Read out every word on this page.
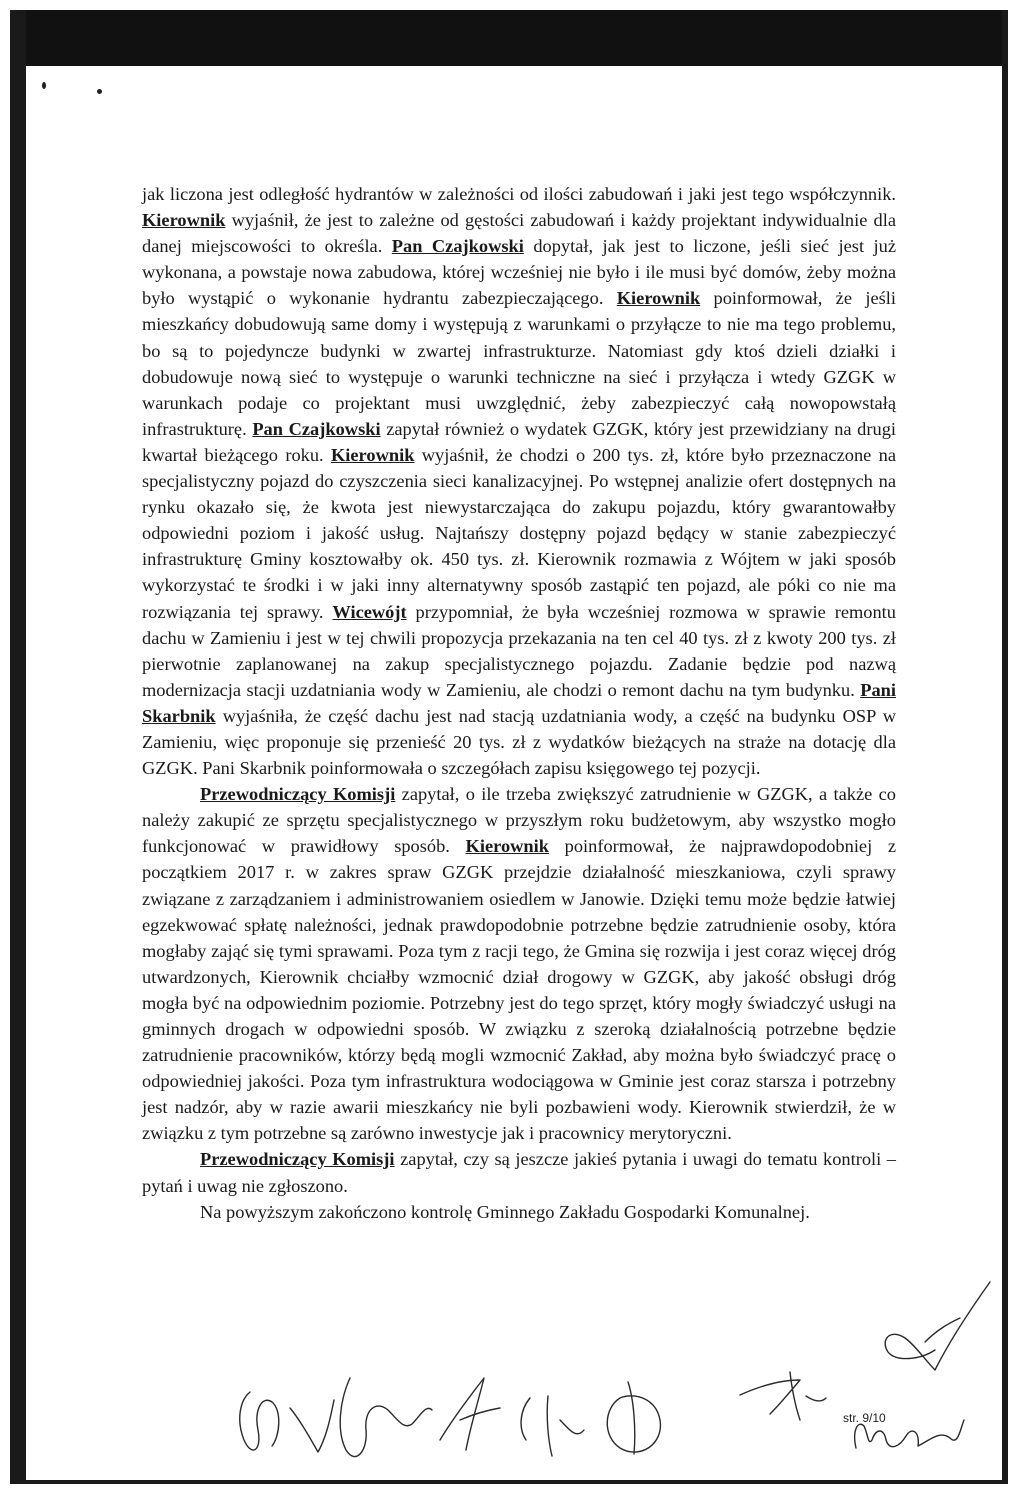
jak liczona jest odległość hydrantów w zależności od ilości zabudowań i jaki jest tego współczynnik. Kierownik wyjaśnił, że jest to zależne od gęstości zabudowań i każdy projektant indywidualnie dla danej miejscowości to określa. Pan Czajkowski dopytał, jak jest to liczone, jeśli sieć jest już wykonana, a powstaje nowa zabudowa, której wcześniej nie było i ile musi być domów, żeby można było wystąpić o wykonanie hydrantu zabezpieczającego. Kierownik poinformował, że jeśli mieszkańcy dobudowują same domy i występują z warunkami o przyłącze to nie ma tego problemu, bo są to pojedyncze budynki w zwartej infrastrukturze. Natomiast gdy ktoś dzieli działki i dobudowuje nową sieć to występuje o warunki techniczne na sieć i przyłącza i wtedy GZGK w warunkach podaje co projektant musi uwzględnić, żeby zabezpieczyć całą nowopowstałą infrastrukturę. Pan Czajkowski zapytał również o wydatek GZGK, który jest przewidziany na drugi kwartał bieżącego roku. Kierownik wyjaśnił, że chodzi o 200 tys. zł, które było przeznaczone na specjalistyczny pojazd do czyszczenia sieci kanalizacyjnej. Po wstępnej analizie ofert dostępnych na rynku okazało się, że kwota jest niewystarczająca do zakupu pojazdu, który gwarantowałby odpowiedni poziom i jakość usług. Najtańszy dostępny pojazd będący w stanie zabezpieczyć infrastrukturę Gminy kosztowałby ok. 450 tys. zł. Kierownik rozmawia z Wójtem w jaki sposób wykorzystać te środki i w jaki inny alternatywny sposób zastąpić ten pojazd, ale póki co nie ma rozwiązania tej sprawy. Wicewójt przypomniał, że była wcześniej rozmowa w sprawie remontu dachu w Zamieniu i jest w tej chwili propozycja przekazania na ten cel 40 tys. zł z kwoty 200 tys. zł pierwotnie zaplanowanej na zakup specjalistycznego pojazdu. Zadanie będzie pod nazwą modernizacja stacji uzdatniania wody w Zamieniu, ale chodzi o remont dachu na tym budynku. Pani Skarbnik wyjaśniła, że część dachu jest nad stacją uzdatniania wody, a część na budynku OSP w Zamieniu, więc proponuje się przenieść 20 tys. zł z wydatków bieżących na straże na dotację dla GZGK. Pani Skarbnik poinformowała o szczegółach zapisu księgowego tej pozycji.

Przewodniczący Komisji zapytał, o ile trzeba zwiększyć zatrudnienie w GZGK, a także co należy zakupić ze sprzętu specjalistycznego w przyszłym roku budżetowym, aby wszystko mogło funkcjonować w prawidłowy sposób. Kierownik poinformował, że najprawdopodobniej z początkiem 2017 r. w zakres spraw GZGK przejdzie działalność mieszkaniowa, czyli sprawy związane z zarządzaniem i administrowaniem osiedlem w Janowie. Dzięki temu może będzie łatwiej egzekwować spłatę należności, jednak prawdopodobnie potrzebne będzie zatrudnienie osoby, która mogłaby zająć się tymi sprawami. Poza tym z racji tego, że Gmina się rozwija i jest coraz więcej dróg utwardzonych, Kierownik chciałby wzmocnić dział drogowy w GZGK, aby jakość obsługi dróg mogła być na odpowiednim poziomie. Potrzebny jest do tego sprzęt, który mogły świadczyć usługi na gminnych drogach w odpowiedni sposób. W związku z szeroką działalnością potrzebne będzie zatrudnienie pracowników, którzy będą mogli wzmocnić Zakład, aby można było świadczyć pracę o odpowiedniej jakości. Poza tym infrastruktura wodociągowa w Gminie jest coraz starsza i potrzebny jest nadzór, aby w razie awarii mieszkańcy nie byli pozbawieni wody. Kierownik stwierdził, że w związku z tym potrzebne są zarówno inwestycje jak i pracownicy merytoryczni.

Przewodniczący Komisji zapytał, czy są jeszcze jakieś pytania i uwagi do tematu kontroli – pytań i uwag nie zgłoszono.

Na powyższym zakończono kontrolę Gminnego Zakładu Gospodarki Komunalnej.

str. 9/10
